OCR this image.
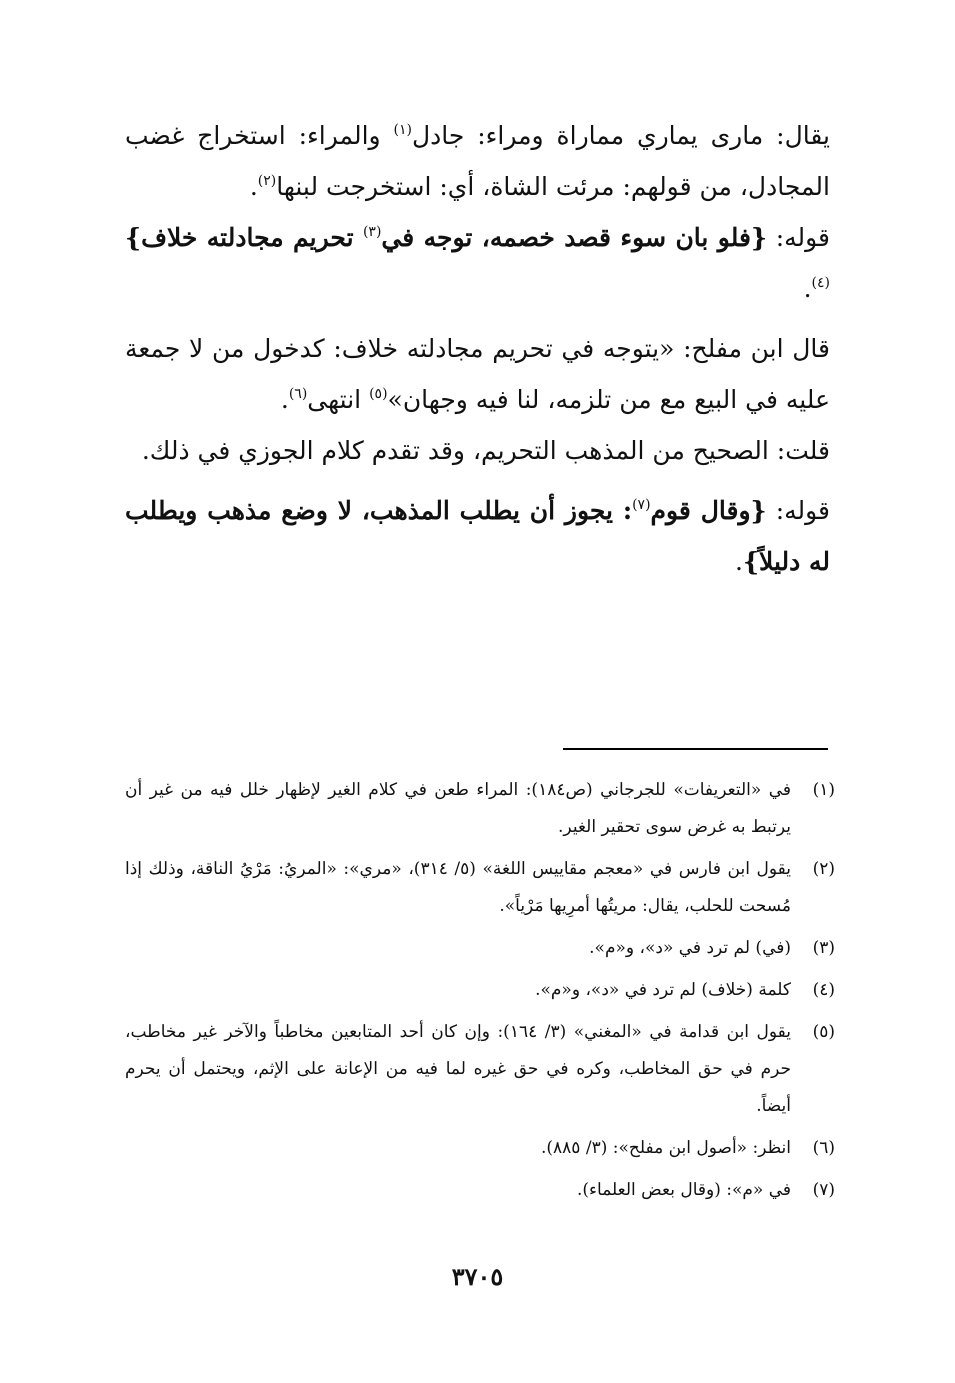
يقال: مارى يماري مماراة ومراء: جادل$^{(١)}$ والمراء: استخراج غضب المجادل، من قولهم: مرئت الشاة، أي: استخرجت لبنها$^{(٢)}$.

قوله: {فلو بان سوء قصد خصمه، توجه في$^{(٣)}$ تحريم مجادلته خلاف}$^{(٤)}$.

قال ابن مفلح: «يتوجه في تحريم مجادلته خلاف: كدخول من لا جمعة عليه في البيع مع من تلزمه، لنا فيه وجهان»$^{(٥)}$ انتهى$^{(٦)}$.

قلت: الصحيح من المذهب التحريم، وقد تقدم كلام الجوزي في ذلك.

قوله: {وقال قوم$^{(٧)}$: يجوز أن يطلب المذهب، لا وضع مذهب ويطلب له دليلاً}.

(١)
في «التعريفات» للجرجاني (ص١٨٤): المراء طعن في كلام الغير لإظهار خلل فيه من غير أن يرتبط به غرض سوى تحقير الغير.
(٢)
يقول ابن فارس في «معجم مقاييس اللغة» (٥/ ٣١٤)، «مري»: «المريُ: مَرْيُ الناقة، وذلك إذا مُسحت للحلب، يقال: مريتُها أمرِيها مَرْياً».
(٣)
(في) لم ترد في «د»، و«م».
(٤)
كلمة (خلاف) لم ترد في «د»، و«م».
(٥)
يقول ابن قدامة في «المغني» (٣/ ١٦٤): وإن كان أحد المتابعين مخاطباً والآخر غير مخاطب، حرم في حق المخاطب، وكره في حق غيره لما فيه من الإعانة على الإثم، ويحتمل أن يحرم أيضاً.
(٦)
انظر: «أصول ابن مفلح»: (٣/ ٨٨٥).
(٧)
في «م»: (وقال بعض العلماء).
٣٧٠٥
